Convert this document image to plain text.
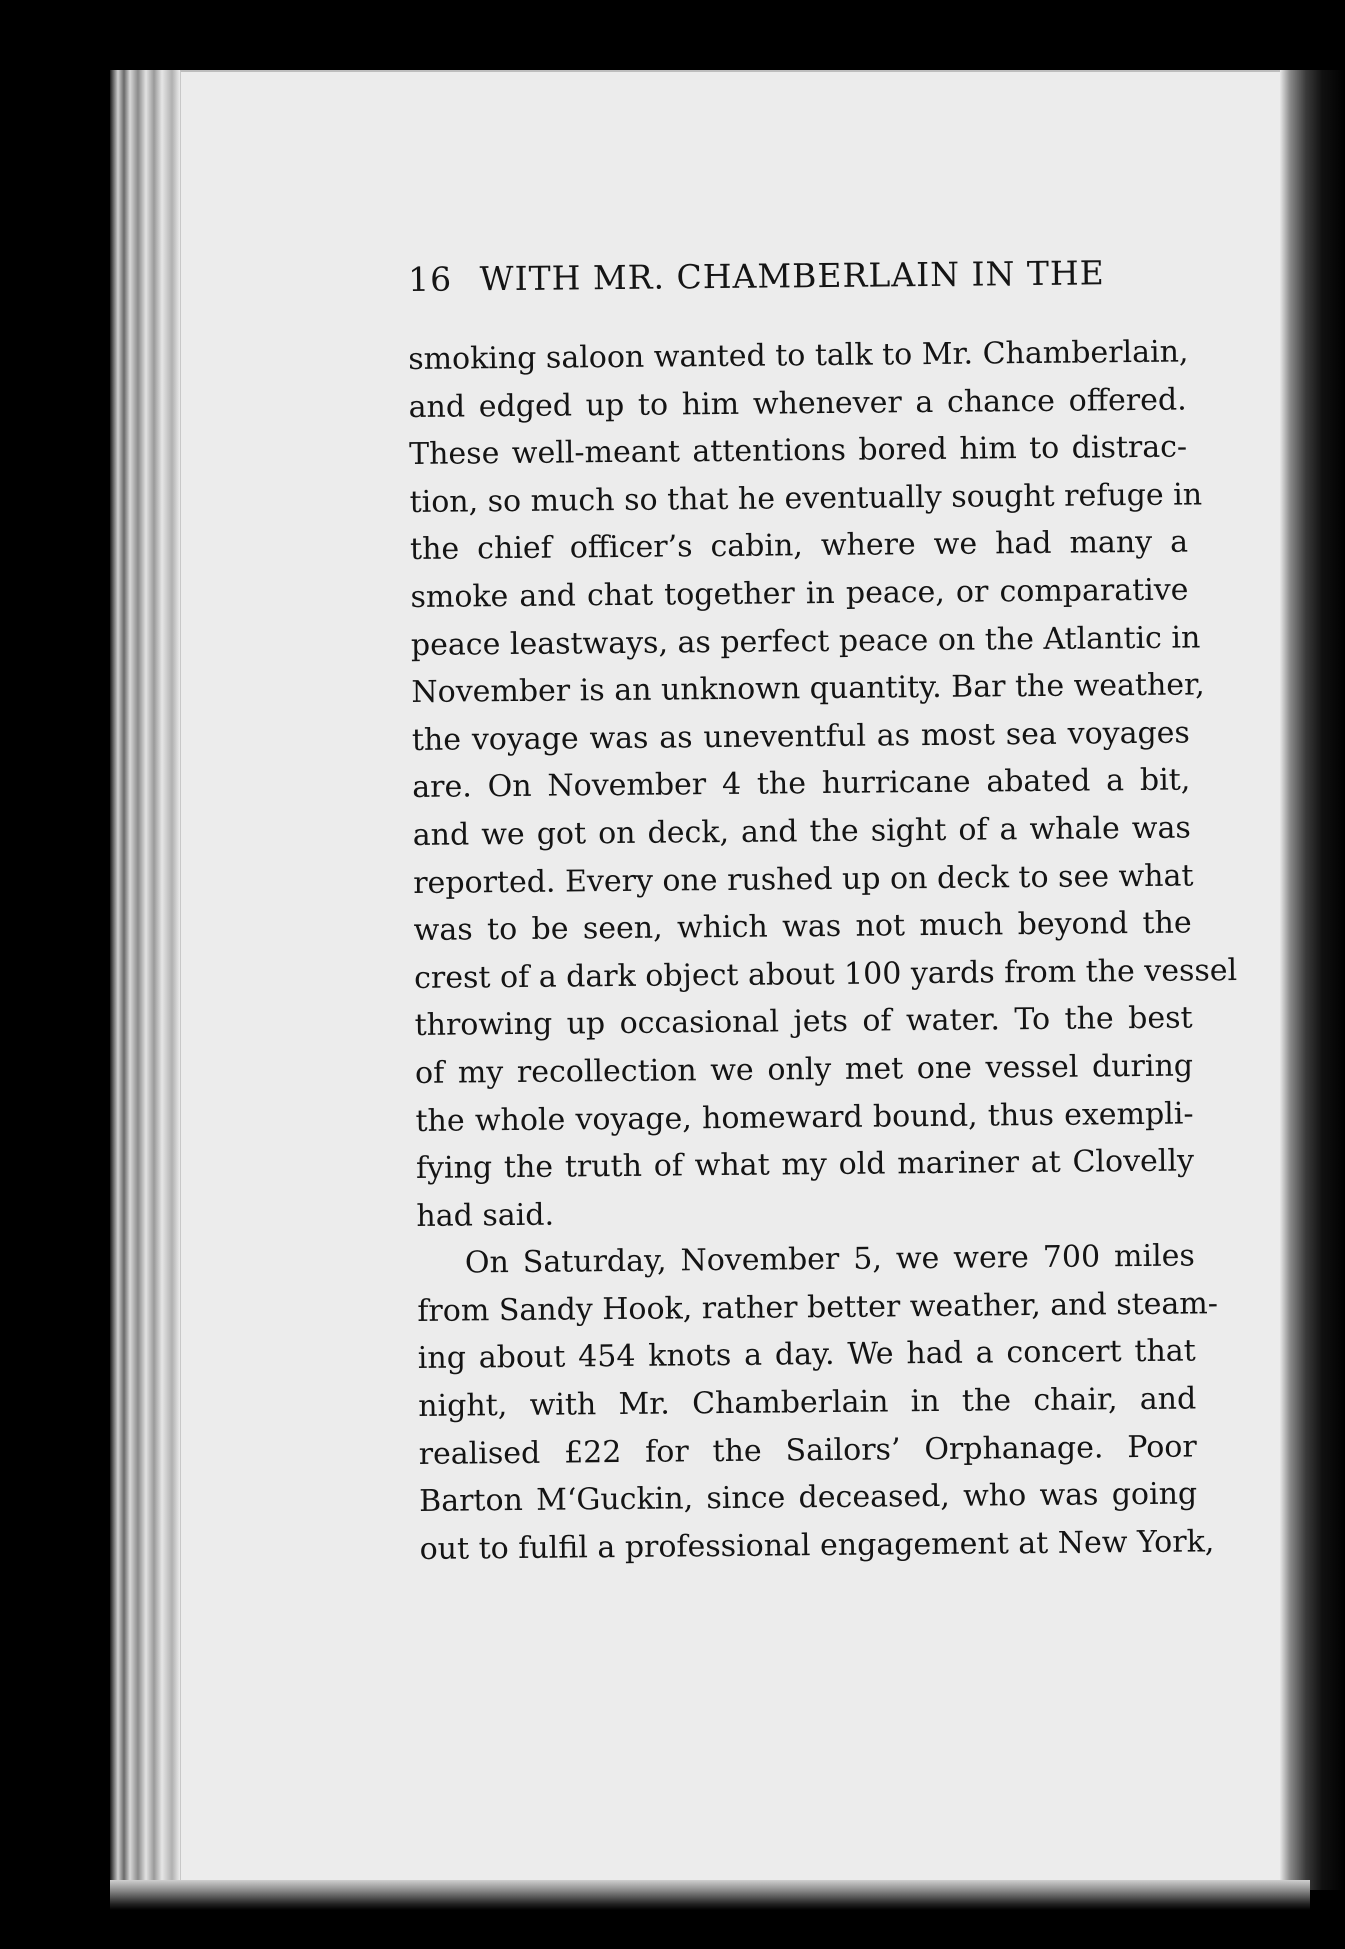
16 WITH MR. CHAMBERLAIN IN THE
smoking saloon wanted to talk to Mr. Chamberlain,
and edged up to him whenever a chance offered.
These well-meant attentions bored him to distrac-
tion, so much so that he eventually sought refuge in
the chief officer’s cabin, where we had many a
smoke and chat together in peace, or comparative
peace leastways, as perfect peace on the Atlantic in
November is an unknown quantity. Bar the weather,
the voyage was as uneventful as most sea voyages
are. On November 4 the hurricane abated a bit,
and we got on deck, and the sight of a whale was
reported. Every one rushed up on deck to see what
was to be seen, which was not much beyond the
crest of a dark object about 100 yards from the vessel
throwing up occasional jets of water. To the best
of my recollection we only met one vessel during
the whole voyage, homeward bound, thus exempli-
fying the truth of what my old mariner at Clovelly
had said.
On Saturday, November 5, we were 700 miles
from Sandy Hook, rather better weather, and steam-
ing about 454 knots a day. We had a concert that
night, with Mr. Chamberlain in the chair, and
realised £22 for the Sailors’ Orphanage. Poor
Barton M‘Guckin, since deceased, who was going
out to fulfil a professional engagement at New York,
